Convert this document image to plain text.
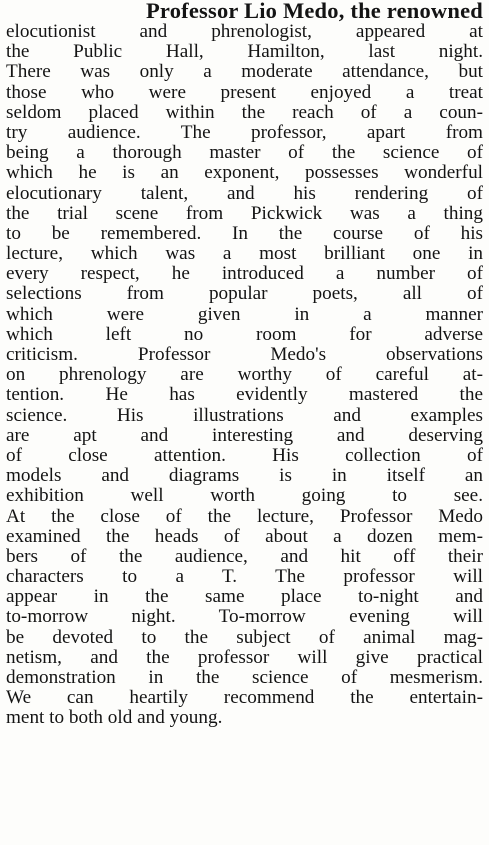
Professor Lio Medo, the renowned
elocutionist and phrenologist, appeared at
the Public Hall, Hamilton, last night.
There was only a moderate attendance, but
those who were present enjoyed a treat
seldom placed within the reach of a coun-
try audience. The professor, apart from
being a thorough master of the science of
which he is an exponent, possesses wonderful
elocutionary talent, and his rendering of
the trial scene from Pickwick was a thing
to be remembered. In the course of his
lecture, which was a most brilliant one in
every respect, he introduced a number of
selections from popular poets, all of
which were given in a manner
which left no room for adverse
criticism. Professor Medo's observations
on phrenology are worthy of careful at-
tention. He has evidently mastered the
science. His illustrations and examples
are apt and interesting and deserving
of close attention. His collection of
models and diagrams is in itself an
exhibition well worth going to see.
At the close of the lecture, Professor Medo
examined the heads of about a dozen mem-
bers of the audience, and hit off their
characters to a T. The professor will
appear in the same place to-night and
to-morrow night. To-morrow evening will
be devoted to the subject of animal mag-
netism, and the professor will give practical
demonstration in the science of mesmerism.
We can heartily recommend the entertain-
ment to both old and young.
